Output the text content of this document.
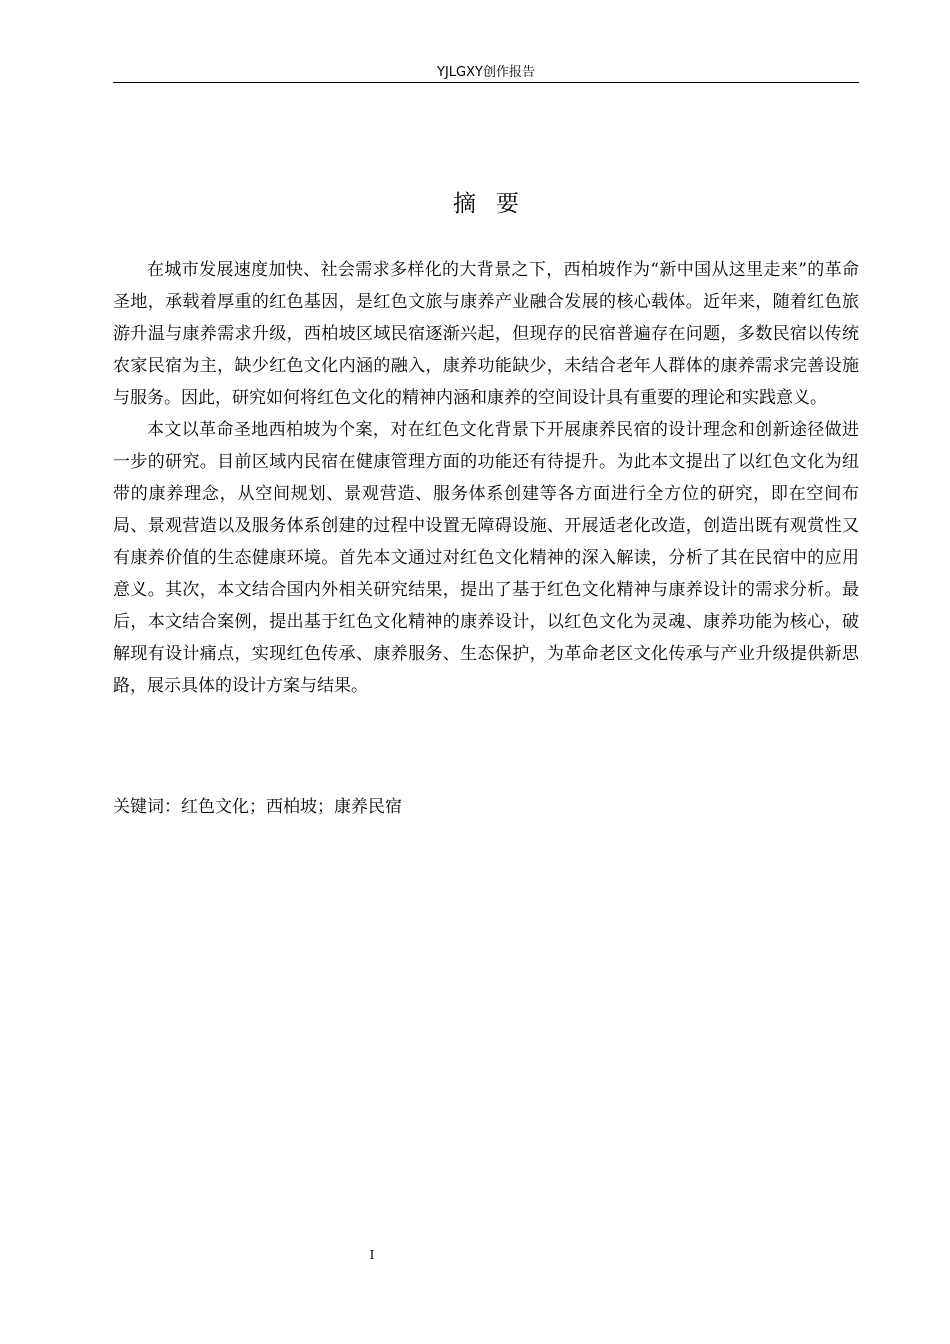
YJLGXY创作报告
摘要

在城市发展速度加快、社会需求多样化的大背景之下，西柏坡作为“新中国从这里走来”的革命圣地，承载着厚重的红色基因，是红色文旅与康养产业融合发展的核心载体。近年来，随着红色旅游升温与康养需求升级，西柏坡区域民宿逐渐兴起，但现存的民宿普遍存在问题，多数民宿以传统农家民宿为主，缺少红色文化内涵的融入，康养功能缺少，未结合老年人群体的康养需求完善设施与服务。因此，研究如何将红色文化的精神内涵和康养的空间设计具有重要的理论和实践意义。

本文以革命圣地西柏坡为个案，对在红色文化背景下开展康养民宿的设计理念和创新途径做进一步的研究。目前区域内民宿在健康管理方面的功能还有待提升。为此本文提出了以红色文化为纽带的康养理念，从空间规划、景观营造、服务体系创建等各方面进行全方位的研究，即在空间布局、景观营造以及服务体系创建的过程中设置无障碍设施、开展适老化改造，创造出既有观赏性又有康养价值的生态健康环境。首先本文通过对红色文化精神的深入解读，分析了其在民宿中的应用意义。其次，本文结合国内外相关研究结果，提出了基于红色文化精神与康养设计的需求分析。最后，本文结合案例，提出基于红色文化精神的康养设计，以红色文化为灵魂、康养功能为核心，破解现有设计痛点，实现红色传承、康养服务、生态保护，为革命老区文化传承与产业升级提供新思路，展示具体的设计方案与结果。

关键词：红色文化；西柏坡；康养民宿
I
